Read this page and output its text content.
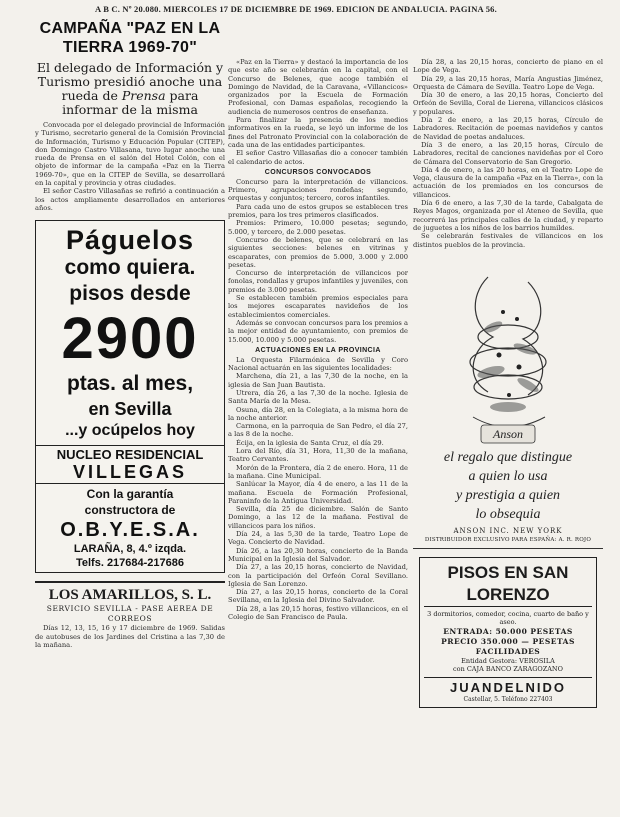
A B C. Nº 20.080. MIERCOLES 17 DE DICIEMBRE DE 1969. EDICION DE ANDALUCIA. PAGINA 56.
CAMPAÑA "PAZ EN LA TIERRA 1969-70"

El delegado de Información y Turismo presidió anoche una rueda de Prensa para informar de la misma

Convocada por el delegado provincial de Información y Turismo, secretario general de la Comisión Provincial de Información, Turismo y Educación Popular (CITEP), don Domingo Castro Villasana, tuvo lugar anoche una rueda de Prensa en el salón del Hotel Colón, con el objeto de informar de la campaña «Paz en la Tierra 1969-70», que en la CITEP de Sevilla, se desarrollará en la capital y provincia y otras ciudades.

El señor Castro Villasañas se refirió a continuación a los actos ampliamente desarrollados en anteriores años.

Páguelos
como quiera.
pisos desde
2900
ptas. al mes,
en Sevilla
...y ocúpelos hoy
NUCLEO RESIDENCIAL
VILLEGAS
Con la garantía
constructora de
O.B.Y.E.S.A.
LARAÑA, 8, 4.º izqda.
Telfs. 217684-217686
LOS AMARILLOS, S. L.
SERVICIO SEVILLA - PASE AEREA DE CORREOS

Días 12, 13, 15, 16 y 17 diciembre de 1969. Salidas de autobuses de los Jardines del Cristina a las 7,30 de la mañana.

«Paz en la Tierra» y destacó la importancia de los que este año se celebrarán en la capital, con el Concurso de Belenes, que acoge también el Domingo de Navidad, de la Caravana, «Villancicos» organizados por la Escuela de Formación Profesional, con Damas españolas, recogiendo la audiencia de numerosos centros de enseñanza.

Para finalizar la presencia de los medios informativos en la rueda, se leyó un informe de los fines del Patronato Provincial con la colaboración de cada una de las entidades participantes.

El señor Castro Villasañas dio a conocer también el calendario de actos.

CONCURSOS CONVOCADOS

Concurso para la interpretación de villancicos. Primero, agrupaciones rondeñas; segundo, orquestas y conjuntos; tercero, coros infantiles.

Para cada uno de estos grupos se establecen tres premios, para los tres primeros clasificados.

Premios: Primero, 10.000 pesetas; segundo, 5.000, y tercero, de 2.000 pesetas.

Concurso de belenes, que se celebrará en las siguientes secciones: belenes en vitrinas y escaparates, con premios de 5.000, 3.000 y 2.000 pesetas.

Concurso de interpretación de villancicos por fonolas, rondallas y grupos infantiles y juveniles, con premios de 3.000 pesetas.

Se establecen también premios especiales para los mejores escaparates navideños de los establecimientos comerciales.

Además se convocan concursos para los premios a la mejor entidad de ayuntamiento, con premios de 15.000, 10.000 y 5.000 pesetas.

ACTUACIONES EN LA PROVINCIA

La Orquesta Filarmónica de Sevilla y Coro Nacional actuarán en las siguientes localidades:

Marchena, día 21, a las 7,30 de la noche, en la iglesia de San Juan Bautista.

Utrera, día 26, a las 7,30 de la noche. Iglesia de Santa María de la Mesa.

Osuna, día 28, en la Colegiata, a la misma hora de la noche anterior.

Carmona, en la parroquia de San Pedro, el día 27, a las 8 de la noche.

Écija, en la iglesia de Santa Cruz, el día 29.

Lora del Río, día 31, Hora, 11,30 de la mañana, Teatro Cervantes.

Morón de la Frontera, día 2 de enero. Hora, 11 de la mañana. Cine Municipal.

Sanlúcar la Mayor, día 4 de enero, a las 11 de la mañana. Escuela de Formación Profesional, Paraninfo de la Antigua Universidad.

Sevilla, día 25 de diciembre. Salón de Santo Domingo, a las 12 de la mañana. Festival de villancicos para los niños.

Día 24, a las 5,30 de la tarde, Teatro Lope de Vega. Concierto de Navidad.

Día 26, a las 20,30 horas, concierto de la Banda Municipal en la Iglesia del Salvador.

Día 27, a las 20,15 horas, concierto de Navidad, con la participación del Orfeón Coral Sevillano. Iglesia de San Lorenzo.

Día 27, a las 20,15 horas, concierto de la Coral Sevillana, en la Iglesia del Divino Salvador.

Día 28, a las 20,15 horas, festivo villancicos, en el Colegio de San Francisco de Paula.

Día 28, a las 20,15 horas, concierto de piano en el Lope de Vega.

Día 29, a las 20,15 horas, María Angustias Jiménez, Orquesta de Cámara de Sevilla. Teatro Lope de Vega.

Día 30 de enero, a las 20,15 horas, Concierto del Orfeón de Sevilla, Coral de Lierena, villancicos clásicos y populares.

Día 2 de enero, a las 20,15 horas, Círculo de Labradores. Recitación de poemas navideños y cantos de Navidad de poetas andaluces.

Día 3 de enero, a las 20,15 horas, Círculo de Labradores, recital de canciones navideñas por el Coro de Cámara del Conservatorio de San Gregorio.

Día 4 de enero, a las 20 horas, en el Teatro Lope de Vega, clausura de la campaña «Paz en la Tierra», con la actuación de los premiados en los concursos de villancicos.

Día 6 de enero, a las 7,30 de la tarde, Cabalgata de Reyes Magos, organizada por el Ateneo de Sevilla, que recorrerá las principales calles de la ciudad, y reparto de juguetes a los niños de los barrios humildes.

Se celebrarán festivales de villancicos en los distintos pueblos de la provincia.

Anson
el regalo que distingue
a quien lo usa
y prestigia a quien
lo obsequia
ANSON INC. NEW YORK
DISTRIBUIDOR EXCLUSIVO PARA ESPAÑA: A. R. ROJO
PISOS EN SAN LORENZO
3 dormitorios, comedor, cocina, cuarto de baño y aseo.
ENTRADA: 50.000 PESETAS
PRECIO 350.000 — PESETAS
FACILIDADES
Entidad Gestora: VEROSILA
con CAJA BANCO ZARAGOZANO
JUANDELNIDO
Castellar, 5. Teléfono 227403
